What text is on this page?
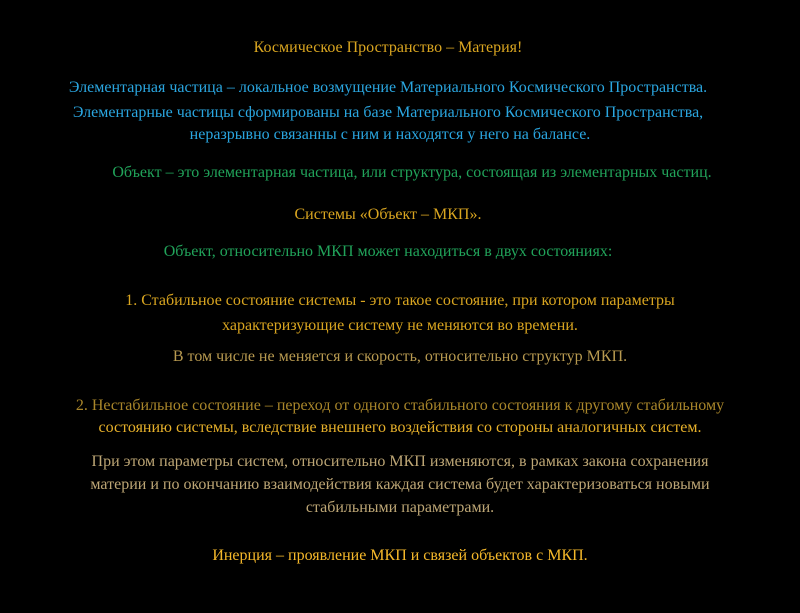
Космическое Пространство – Материя!

Элементарная частица – локальное возмущение Материального Космического Пространства.

Элементарные частицы сформированы на базе Материального Космического Пространства,

неразрывно связанны с ним и находятся у него на балансе.

Объект – это элементарная частица, или структура, состоящая из элементарных частиц.

Системы «Объект – МКП».

Объект, относительно МКП может находиться в двух состояниях:

1. Стабильное состояние системы - это такое состояние, при котором параметры

характеризующие систему не меняются во времени.

В том числе не меняется и скорость, относительно структур МКП.

2. Нестабильное состояние – переход от одного стабильного состояния к другому стабильному

состоянию системы, вследствие внешнего воздействия со стороны аналогичных систем.

При этом параметры систем, относительно МКП изменяются, в рамках закона сохранения

материи и по окончанию взаимодействия каждая система будет характеризоваться новыми

стабильными параметрами.

Инерция – проявление МКП и связей объектов с МКП.
